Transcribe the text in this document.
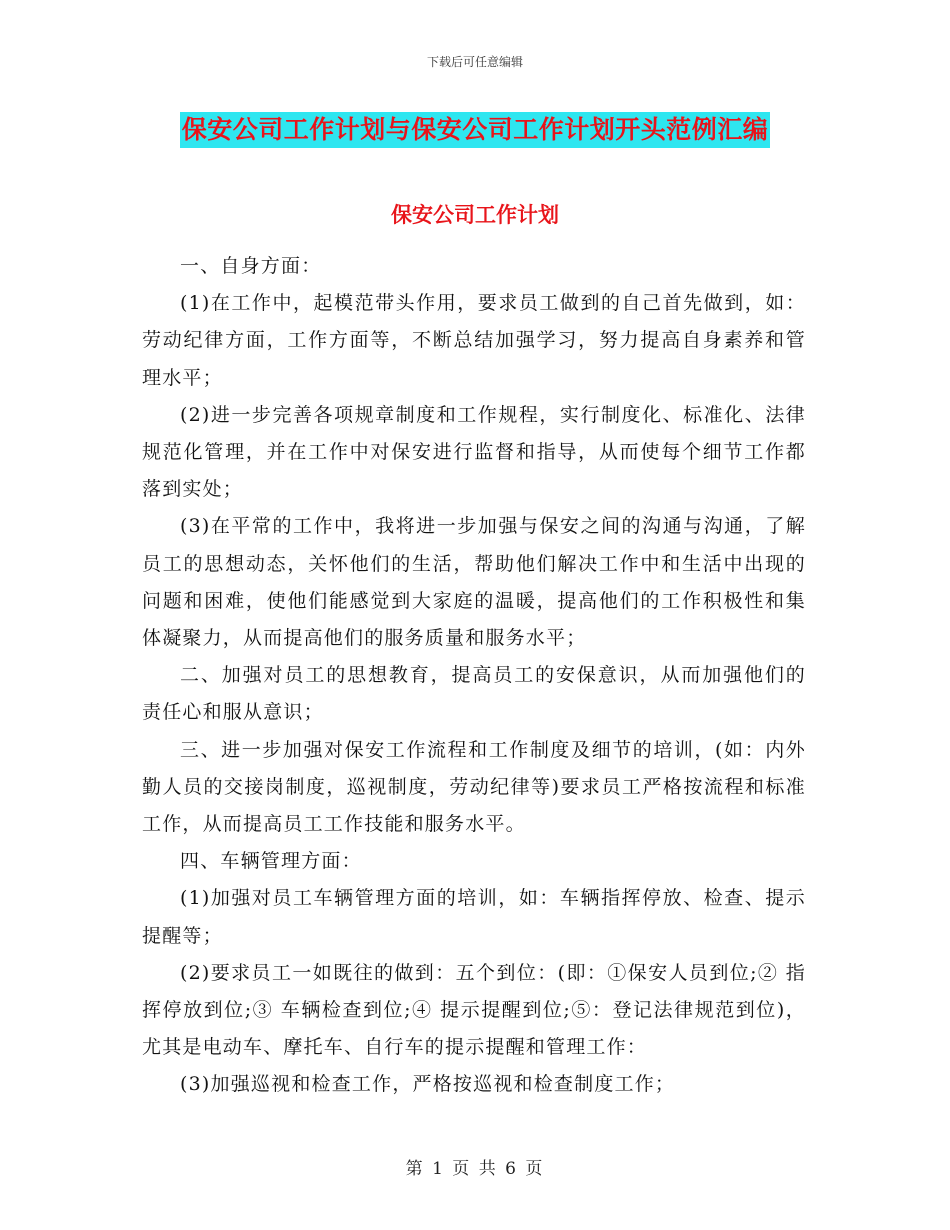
下载后可任意编辑
保安公司工作计划与保安公司工作计划开头范例汇编
保安公司工作计划

一、自身方面：

(1)在工作中，起模范带头作用，要求员工做到的自己首先做到，如：劳动纪律方面，工作方面等，不断总结加强学习，努力提高自身素养和管理水平；

(2)进一步完善各项规章制度和工作规程，实行制度化、标准化、法律规范化管理，并在工作中对保安进行监督和指导，从而使每个细节工作都落到实处；

(3)在平常的工作中，我将进一步加强与保安之间的沟通与沟通，了解员工的思想动态，关怀他们的生活，帮助他们解决工作中和生活中出现的问题和困难，使他们能感觉到大家庭的温暖，提高他们的工作积极性和集体凝聚力，从而提高他们的服务质量和服务水平；

二、加强对员工的思想教育，提高员工的安保意识，从而加强他们的责任心和服从意识；

三、进一步加强对保安工作流程和工作制度及细节的培训，(如：内外勤人员的交接岗制度，巡视制度，劳动纪律等)要求员工严格按流程和标准工作，从而提高员工工作技能和服务水平。

四、车辆管理方面：

(1)加强对员工车辆管理方面的培训，如：车辆指挥停放、检查、提示提醒等；

(2)要求员工一如既往的做到：五个到位：(即：①保安人员到位;② 指挥停放到位;③ 车辆检查到位;④ 提示提醒到位;⑤：登记法律规范到位)，尤其是电动车、摩托车、自行车的提示提醒和管理工作：

(3)加强巡视和检查工作，严格按巡视和检查制度工作；

第 1 页 共 6 页
